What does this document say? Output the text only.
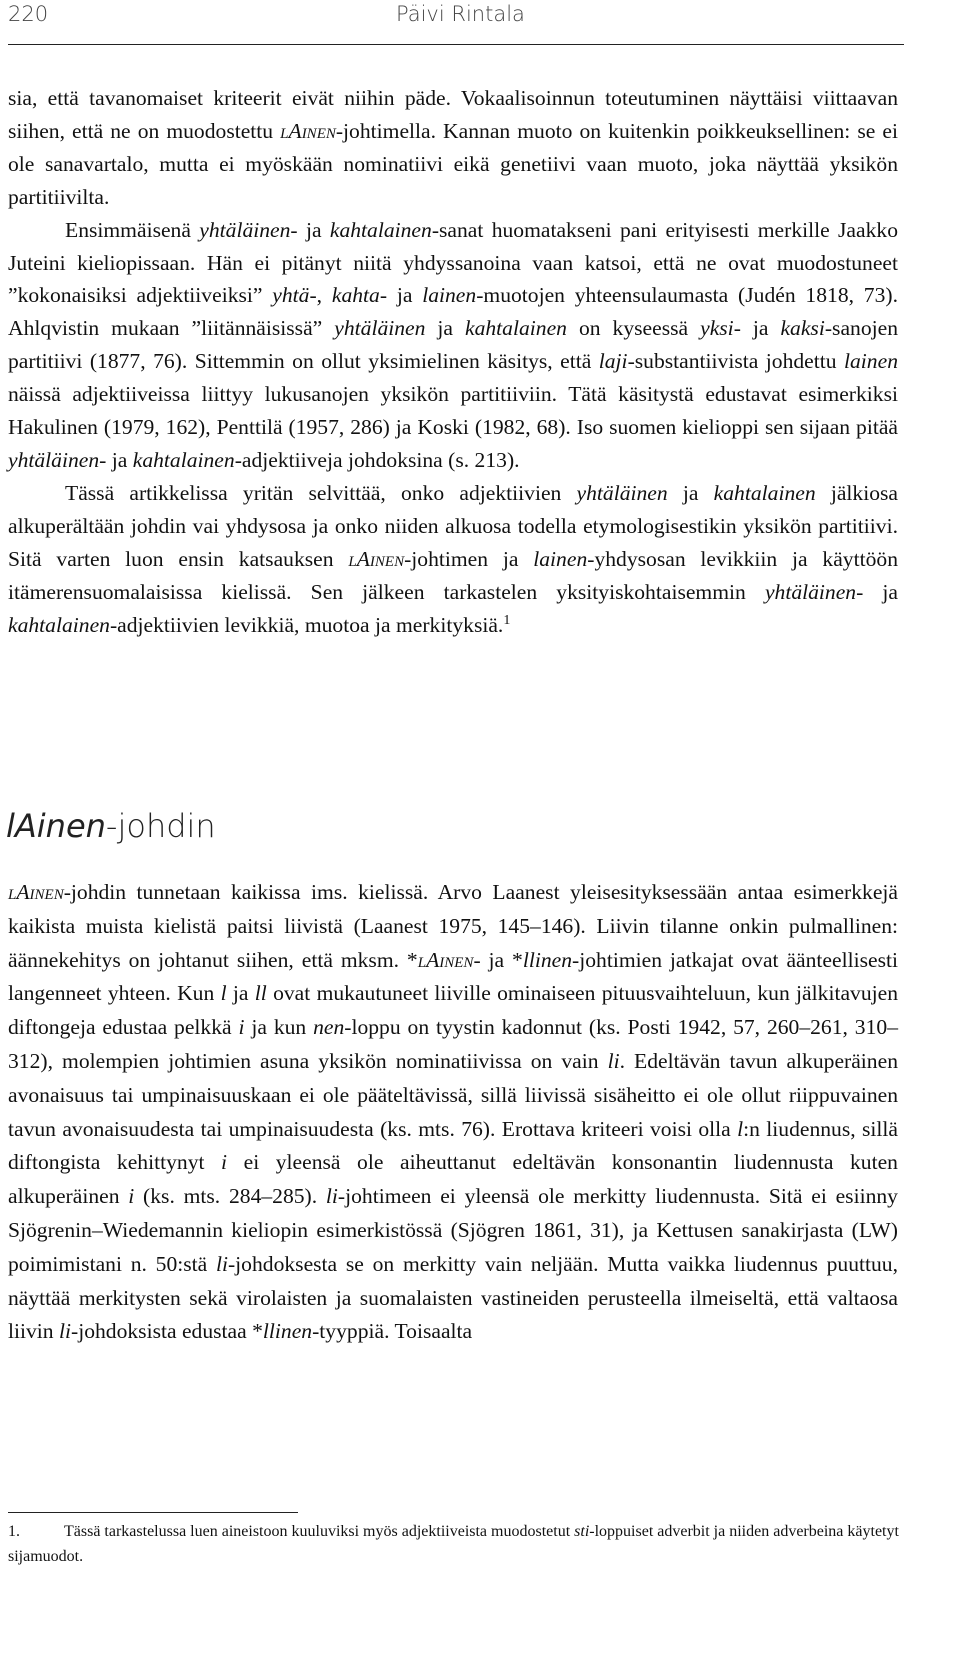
220	Päivi Rintala

sia, että tavanomaiset kriteerit eivät niihin päde. Vokaalisoinnun toteutuminen näyttäisi viittaavan siihen, että ne on muodostettu lAinen-johtimella. Kannan muoto on kuitenkin poikkeuksellinen: se ei ole sanavartalo, mutta ei myöskään nominatiivi eikä genetiivi vaan muoto, joka näyttää yksikön partitiivilta.

Ensimmäisenä yhtäläinen- ja kahtalainen-sanat huomatakseni pani erityisesti merkille Jaakko Juteini kieliopissaan. Hän ei pitänyt niitä yhdyssanoina vaan katsoi, että ne ovat muodostuneet ”kokonaisiksi adjektiiveiksi” yhtä-, kahta- ja lainen-muotojen yhteensulaumasta (Judén 1818, 73). Ahlqvistin mukaan ”liitännäisissä” yhtäläinen ja kahtalainen on kyseessä yksi- ja kaksi-sanojen partitiivi (1877, 76). Sittemmin on ollut yksimielinen käsitys, että laji-substantiivista johdettu lainen näissä adjektiiveissa liittyy lukusanojen yksikön partitiiviin. Tätä käsitystä edustavat esimerkiksi Hakulinen (1979, 162), Penttilä (1957, 286) ja Koski (1982, 68). Iso suomen kielioppi sen sijaan pitää yhtäläinen- ja kahtalainen-adjektiiveja johdoksina (s. 213).

Tässä artikkelissa yritän selvittää, onko adjektiivien yhtäläinen ja kahtalainen jälkiosa alkuperältään johdin vai yhdysosa ja onko niiden alkuosa todella etymologisestikin yksikön partitiivi. Sitä varten luon ensin katsauksen lAinen-johtimen ja lainen-yhdysosan levikkiin ja käyttöön itämerensuomalaisissa kielissä. Sen jälkeen tarkastelen yksityiskohtaisemmin yhtäläinen- ja kahtalainen-adjektiivien levikkiä, muotoa ja merkityksiä.$^1$

lAinen-johdin

lAinen-johdin tunnetaan kaikissa ims. kielissä. Arvo Laanest yleisesityksessään antaa esimerkkejä kaikista muista kielistä paitsi liivistä (Laanest 1975, 145–146). Liivin tilanne onkin pulmallinen: äännekehitys on johtanut siihen, että mksm. *lAinen- ja *llinen-johtimien jatkajat ovat äänteellisesti langenneet yhteen. Kun l ja ll ovat mukautuneet liiville ominaiseen pituusvaihteluun, kun jälkitavujen diftongeja edustaa pelkkä i ja kun nen-loppu on tyystin kadonnut (ks. Posti 1942, 57, 260–261, 310–312), molempien johtimien asuna yksikön nominatiivissa on vain li. Edeltävän tavun alkuperäinen avonaisuus tai umpinaisuuskaan ei ole pääteltävissä, sillä liivissä sisäheitto ei ole ollut riippuvainen tavun avonaisuudesta tai umpinaisuudesta (ks. mts. 76). Erottava kriteeri voisi olla l:n liudennus, sillä diftongista kehittynyt i ei yleensä ole aiheuttanut edeltävän konsonantin liudennusta kuten alkuperäinen i (ks. mts. 284–285). li-johtimeen ei yleensä ole merkitty liudennusta. Sitä ei esiinny Sjögrenin–Wiedemannin kieliopin esimerkistössä (Sjögren 1861, 31), ja Kettusen sanakirjasta (LW) poimimistani n. 50:stä li-johdoksesta se on merkitty vain neljään. Mutta vaikka liudennus puuttuu, näyttää merkitysten sekä virolaisten ja suomalaisten vastineiden perusteella ilmeiseltä, että valtaosa liivin li-johdoksista edustaa *llinen-tyyppiä. Toisaalta

1.	Tässä tarkastelussa luen aineistoon kuuluviksi myös adjektiiveista muodostetut sti-loppuiset adverbit ja niiden adverbeina käytetyt sijamuodot.
